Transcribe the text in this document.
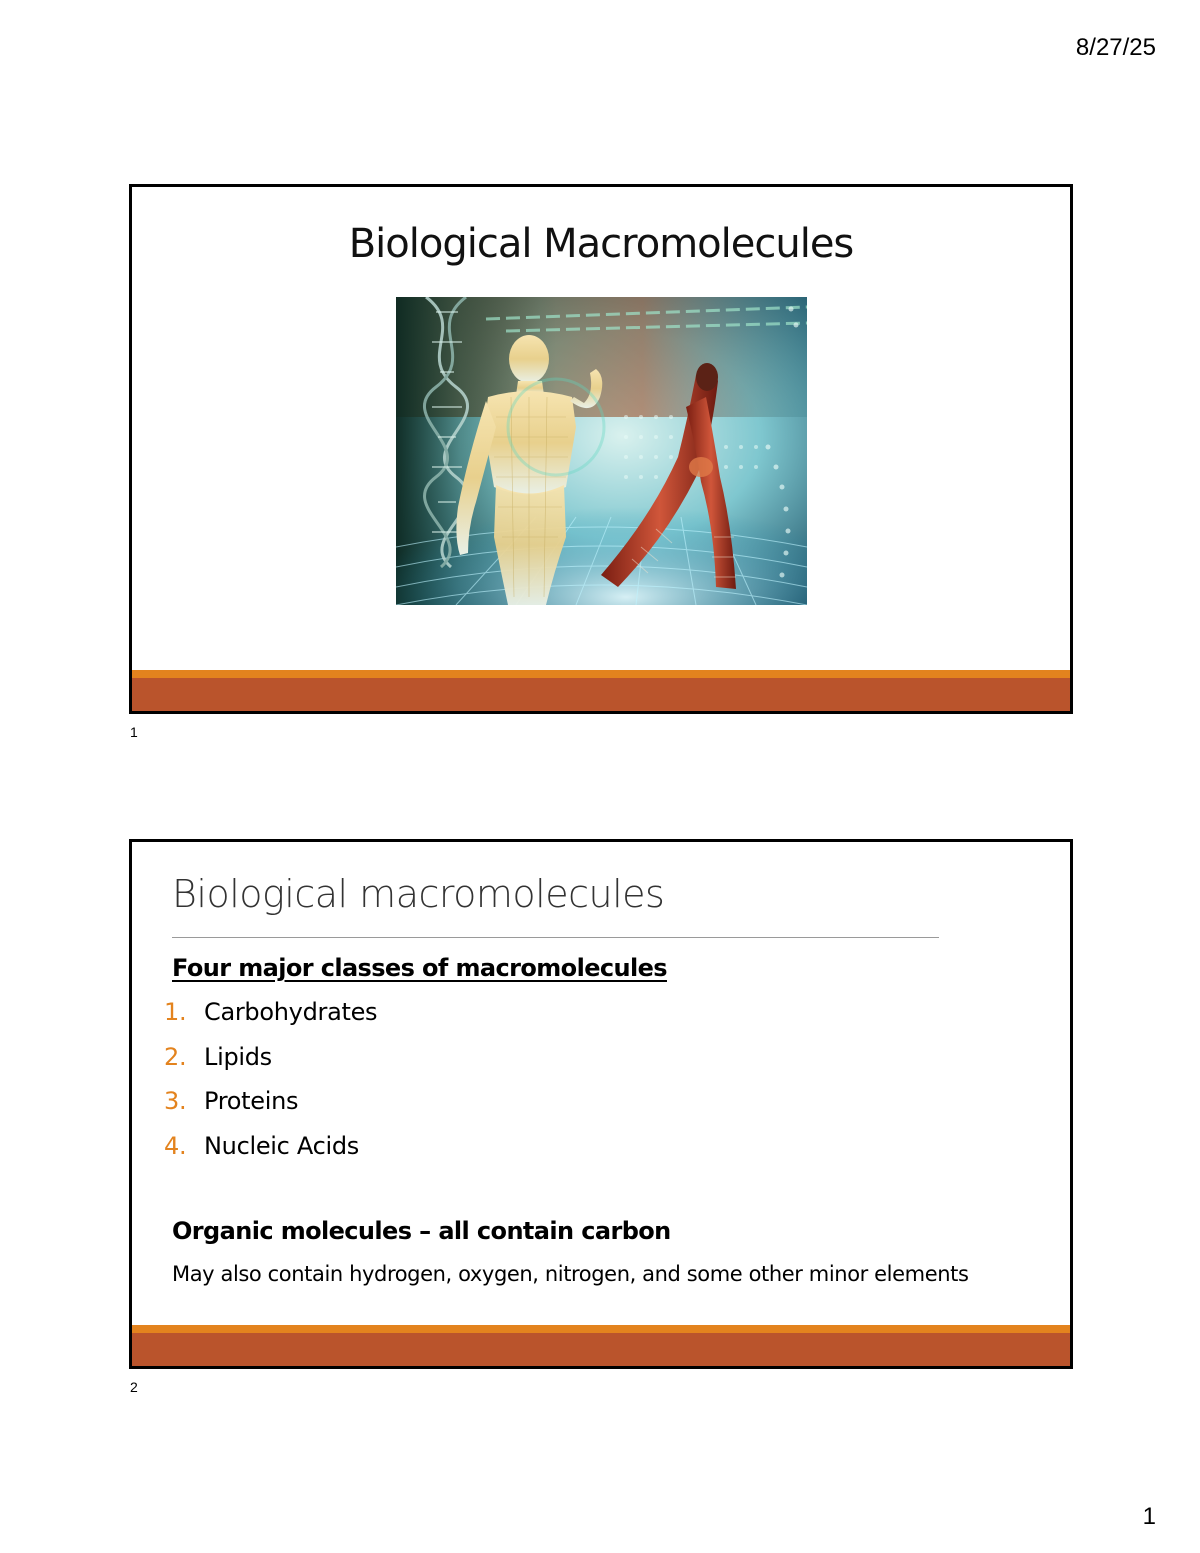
8/27/25
Biological Macromolecules
1
Biological macromolecules
Four major classes of macromolecules
1. Carbohydrates
2. Lipids
3. Proteins
4. Nucleic Acids
Organic molecules – all contain carbon
May also contain hydrogen, oxygen, nitrogen, and some other minor elements
2
1
